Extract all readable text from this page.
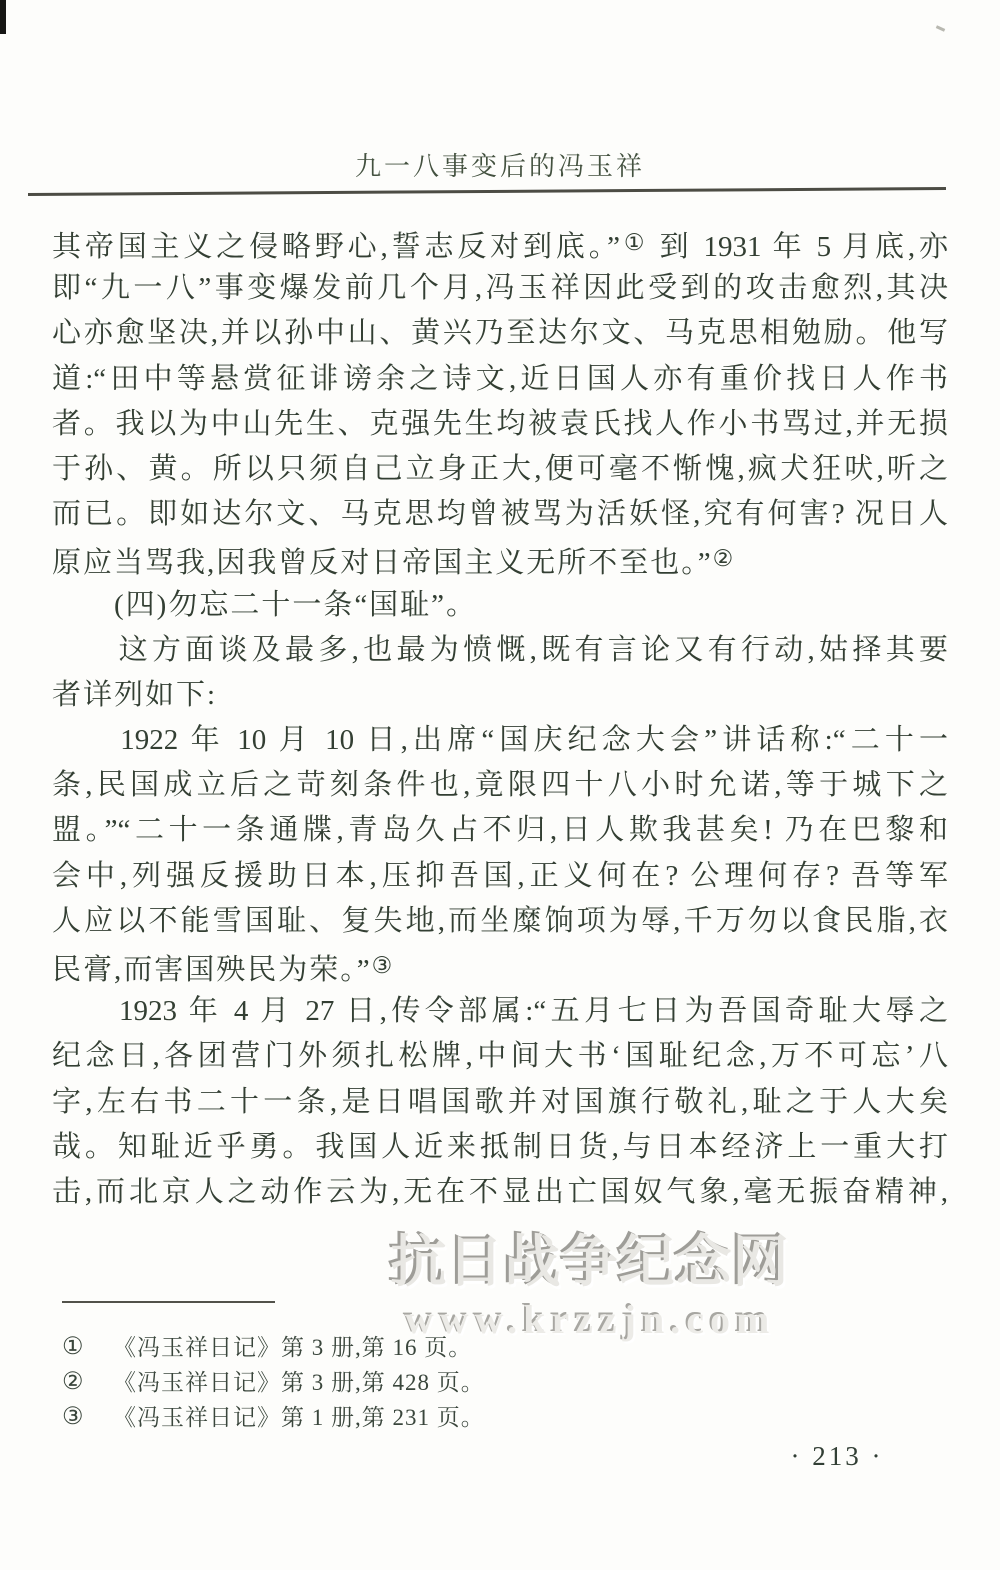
九一八事变后的冯玉祥
其帝国主义之侵略野心,誓志反对到底。”① 到 1931 年 5 月底,亦
即“九一八”事变爆发前几个月,冯玉祥因此受到的攻击愈烈,其决
心亦愈坚决,并以孙中山、黄兴乃至达尔文、马克思相勉励。他写
道:“田中等悬赏征诽谤余之诗文,近日国人亦有重价找日人作书
者。我以为中山先生、克强先生均被袁氏找人作小书骂过,并无损
于孙、黄。所以只须自己立身正大,便可毫不惭愧,疯犬狂吠,听之
而已。即如达尔文、马克思均曾被骂为活妖怪,究有何害? 况日人
原应当骂我,因我曾反对日帝国主义无所不至也。”②
　　(四)勿忘二十一条“国耻”。
　　这方面谈及最多,也最为愤慨,既有言论又有行动,姑择其要
者详列如下:
　　1922 年 10 月 10 日,出席“国庆纪念大会”讲话称:“二十一
条,民国成立后之苛刻条件也,竟限四十八小时允诺,等于城下之
盟。”“二十一条通牒,青岛久占不归,日人欺我甚矣! 乃在巴黎和
会中,列强反援助日本,压抑吾国,正义何在? 公理何存? 吾等军
人应以不能雪国耻、复失地,而坐糜饷项为辱,千万勿以食民脂,衣
民膏,而害国殃民为荣。”③
　　1923 年 4 月 27 日,传令部属:“五月七日为吾国奇耻大辱之
纪念日,各团营门外须扎松牌,中间大书‘国耻纪念,万不可忘’八
字,左右书二十一条,是日唱国歌并对国旗行敬礼,耻之于人大矣
哉。知耻近乎勇。我国人近来抵制日货,与日本经济上一重大打
击,而北京人之动作云为,无在不显出亡国奴气象,毫无振奋精神,
抗日战争纪念网
www.krzzjn.com
①	《冯玉祥日记》第 3 册,第 16 页。
②	《冯玉祥日记》第 3 册,第 428 页。
③	《冯玉祥日记》第 1 册,第 231 页。
· 213 ·
